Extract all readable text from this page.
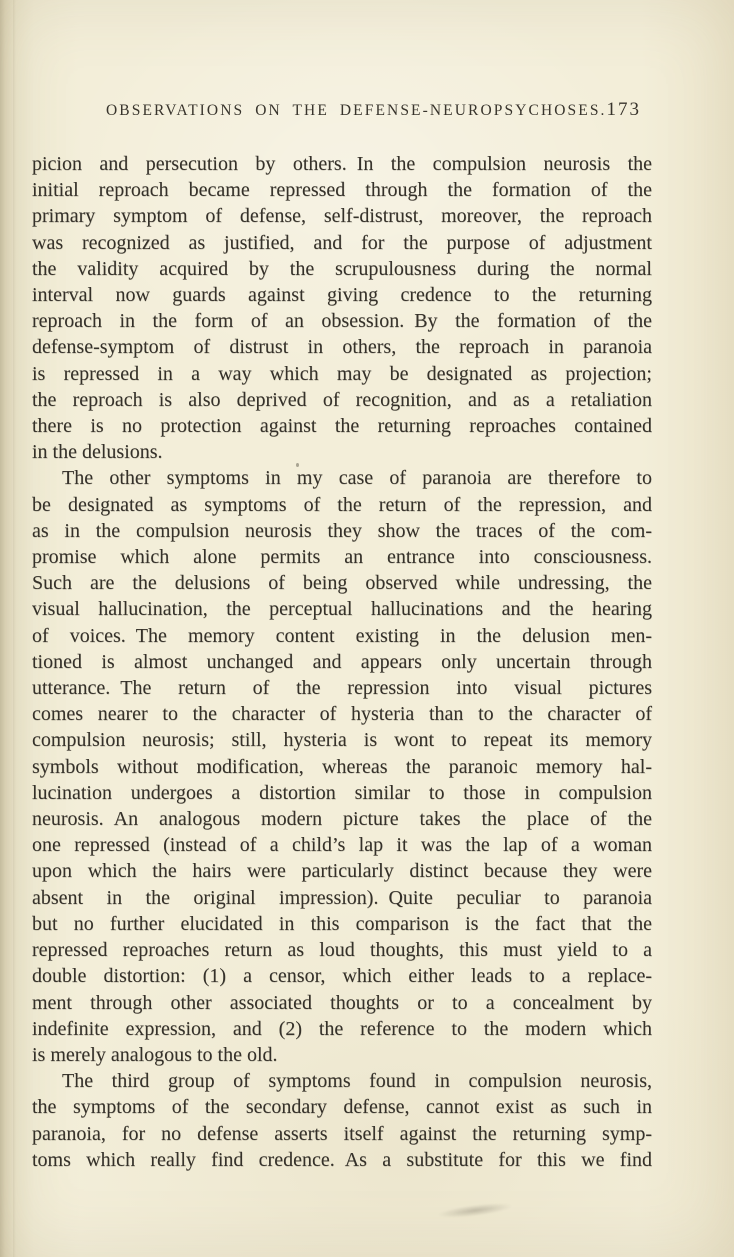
OBSERVATIONS ON THE DEFENSE-NEUROPSYCHOSES. 173
picion and persecution by others. In the compulsion neurosis the
initial reproach became repressed through the formation of the
primary symptom of defense, self-distrust, moreover, the reproach
was recognized as justified, and for the purpose of adjustment
the validity acquired by the scrupulousness during the normal
interval now guards against giving credence to the returning
reproach in the form of an obsession. By the formation of the
defense-symptom of distrust in others, the reproach in paranoia
is repressed in a way which may be designated as projection;
the reproach is also deprived of recognition, and as a retaliation
there is no protection against the returning reproaches contained
in the delusions.
The other symptoms in my case of paranoia are therefore to
be designated as symptoms of the return of the repression, and
as in the compulsion neurosis they show the traces of the com-
promise which alone permits an entrance into consciousness.
Such are the delusions of being observed while undressing, the
visual hallucination, the perceptual hallucinations and the hearing
of voices. The memory content existing in the delusion men-
tioned is almost unchanged and appears only uncertain through
utterance. The return of the repression into visual pictures
comes nearer to the character of hysteria than to the character of
compulsion neurosis; still, hysteria is wont to repeat its memory
symbols without modification, whereas the paranoic memory hal-
lucination undergoes a distortion similar to those in compulsion
neurosis. An analogous modern picture takes the place of the
one repressed (instead of a child’s lap it was the lap of a woman
upon which the hairs were particularly distinct because they were
absent in the original impression). Quite peculiar to paranoia
but no further elucidated in this comparison is the fact that the
repressed reproaches return as loud thoughts, this must yield to a
double distortion: (1) a censor, which either leads to a replace-
ment through other associated thoughts or to a concealment by
indefinite expression, and (2) the reference to the modern which
is merely analogous to the old.
The third group of symptoms found in compulsion neurosis,
the symptoms of the secondary defense, cannot exist as such in
paranoia, for no defense asserts itself against the returning symp-
toms which really find credence. As a substitute for this we find
